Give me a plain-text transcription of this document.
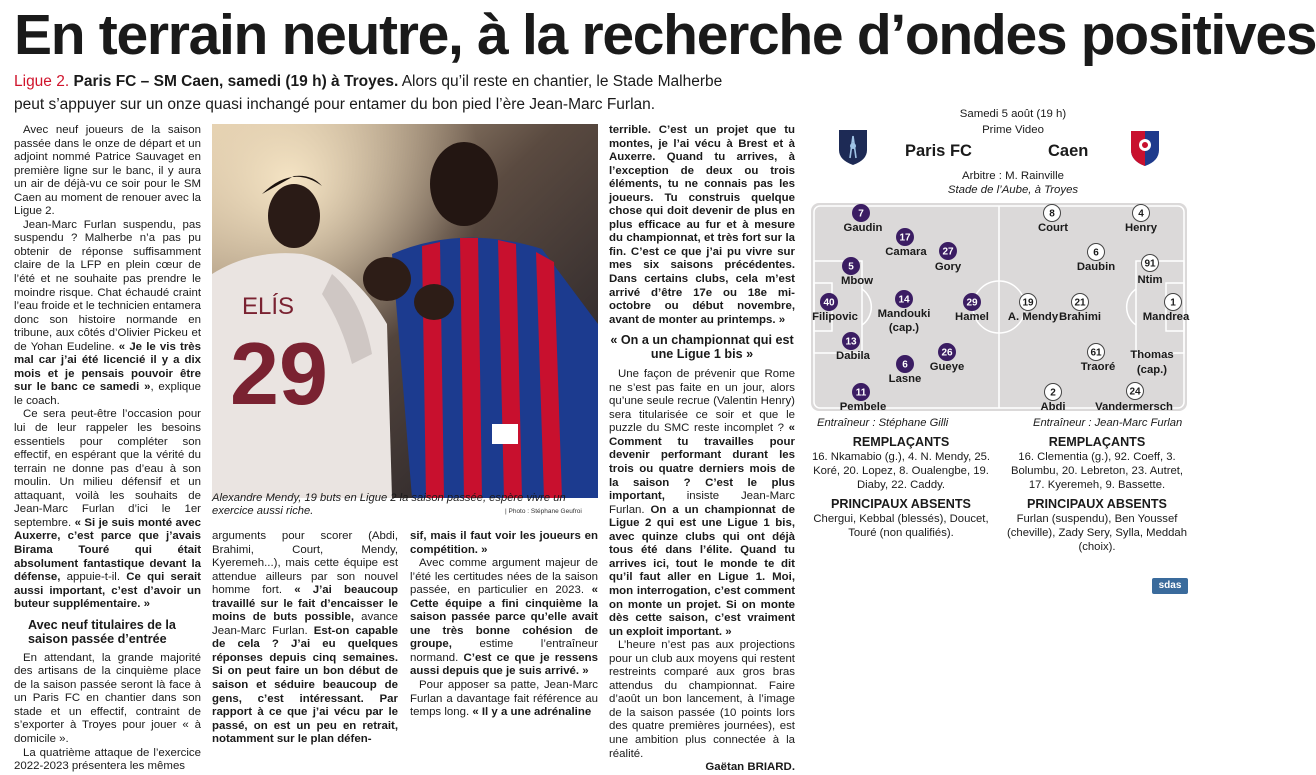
En terrain neutre, à la recherche d’ondes positives
Ligue 2. Paris FC – SM Caen, samedi (19 h) à Troyes. Alors qu’il reste en chantier, le Stade Malherbe peut s’appuyer sur un onze quasi inchangé pour entamer du bon pied l’ère Jean-Marc Furlan.

Avec neuf joueurs de la saison passée dans le onze de départ et un adjoint nommé Patrice Sauvaget en première ligne sur le banc, il y aura un air de déjà-vu ce soir pour le SM Caen au moment de renouer avec la Ligue 2.

Jean-Marc Furlan suspendu, pas suspendu ? Malherbe n’a pas pu obtenir de réponse suffisamment claire de la LFP en plein cœur de l’été et ne souhaite pas prendre le moindre risque. Chat échaudé craint l’eau froide et le technicien entamera donc son histoire normande en tribune, aux côtés d’Olivier Pickeu et de Yohan Eudeline. « Je le vis très mal car j’ai été licencié il y a dix mois et je pensais pouvoir être sur le banc ce samedi », explique le coach.

Ce sera peut-être l’occasion pour lui de leur rappeler les besoins essentiels pour compléter son effectif, en espérant que la vérité du terrain ne donne pas d’eau à son moulin. Un milieu défensif et un attaquant, voilà les souhaits de Jean-Marc Furlan d’ici le 1er septembre. « Si je suis monté avec Auxerre, c’est parce que j’avais Birama Touré qui était absolument fantastique devant la défense, appuie-t-il. Ce qui serait aussi important, c’est d’avoir un buteur supplémentaire. »

Avec neuf titulaires de la saison passée d’entrée

En attendant, la grande majorité des artisans de la cinquième place de la saison passée seront là face à un Paris FC en chantier dans son stade et un effectif, contraint de s’exporter à Troyes pour jouer « à domicile ».

La quatrième attaque de l’exercice 2022-2023 présentera les mêmes

ELÍS
29
Alexandre Mendy, 19 buts en Ligue 2 la saison passée, espère vivre un exercice aussi riche.	| Photo : Stéphane Geufroi

arguments pour scorer (Abdi, Brahimi, Court, Mendy, Kyeremeh...), mais cette équipe est attendue ailleurs par son nouvel homme fort. « J’ai beaucoup travaillé sur le fait d’encaisser le moins de buts possible, avance Jean-Marc Furlan. Est-on capable de cela ? J’ai eu quelques réponses depuis cinq semaines. Si on peut faire un bon début de saison et séduire beaucoup de gens, c’est intéressant. Par rapport à ce que j’ai vécu par le passé, on est un peu en retrait, notamment sur le plan défen-

sif, mais il faut voir les joueurs en compétition. »

Avec comme argument majeur de l’été les certitudes nées de la saison passée, en particulier en 2023. « Cette équipe a fini cinquième la saison passée parce qu’elle avait une très bonne cohésion de groupe, estime l’entraîneur normand. C’est ce que je ressens aussi depuis que je suis arrivé. »

Pour apposer sa patte, Jean-Marc Furlan a davantage fait référence au temps long. « Il y a une adrénaline

terrible. C’est un projet que tu montes, je l’ai vécu à Brest et à Auxerre. Quand tu arrives, à l’exception de deux ou trois éléments, tu ne connais pas les joueurs. Tu construis quelque chose qui doit devenir de plus en plus efficace au fur et à mesure du championnat, et très fort sur la fin. C’est ce que j’ai pu vivre sur mes six saisons précédentes. Dans certains clubs, cela m’est arrivé d’être 17e ou 18e mi-octobre ou début novembre, avant de monter au printemps. »

« On a un championnat qui est une Ligue 1 bis »

Une façon de prévenir que Rome ne s’est pas faite en un jour, alors qu’une seule recrue (Valentin Henry) sera titularisée ce soir et que le puzzle du SMC reste incomplet ? « Comment tu travailles pour devenir performant durant les trois ou quatre derniers mois de la saison ? C’est le plus important, insiste Jean-Marc Furlan. On a un championnat de Ligue 2 qui est une Ligue 1 bis, avec quinze clubs qui ont déjà tous été dans l’élite. Quand tu arrives ici, tout le monde te dit qu’il faut aller en Ligue 1. Moi, mon interrogation, c’est comment on monte un projet. Si on monte dès cette saison, c’est vraiment un exploit important. »

L’heure n’est pas aux projections pour un club aux moyens qui restent restreints comparé aux gros bras attendus du championnat. Faire d’août un bon lancement, à l’image de la saison passée (10 points lors des quatre premières journées), est une ambition plus connectée à la réalité.

Gaëtan BRIARD.

Samedi 5 août (19 h)
Prime Video
Paris FC	Caen
Arbitre : M. Rainville
Stade de l’Aube, à Troyes
7
Gaudin
17
Camara 27
Gory
5
Mbow
40
Filipovic
14
Mandouki
(cap.)
29
Hamel
13
Dabila
6
Lasne
26
Gueye
11
Pembele
8
Court
4
Henry
6
Daubin	91
Ntim
19
A. Mendy
21
Brahimi
1
Mandrea
61
Traoré
Thomas
(cap.)
2
Abdi
24
Vandermersch
Entraîneur : Stéphane Gilli	Entraîneur : Jean-Marc Furlan
REMPLAÇANTS
16. Nkamabio (g.), 4. N. Mendy, 25. Koré, 20. Lopez, 8. Oualengbe, 19. Diaby, 22. Caddy.
REMPLAÇANTS
16. Clementia (g.), 92. Coeff, 3. Bolumbu, 20. Lebreton, 23. Autret, 17. Kyeremeh, 9. Bassette.
PRINCIPAUX ABSENTS
Chergui, Kebbal (blessés), Doucet, Touré (non qualifiés).
PRINCIPAUX ABSENTS
Furlan (suspendu), Ben Youssef (cheville), Zady Sery, Sylla, Meddah (choix).
sdas
